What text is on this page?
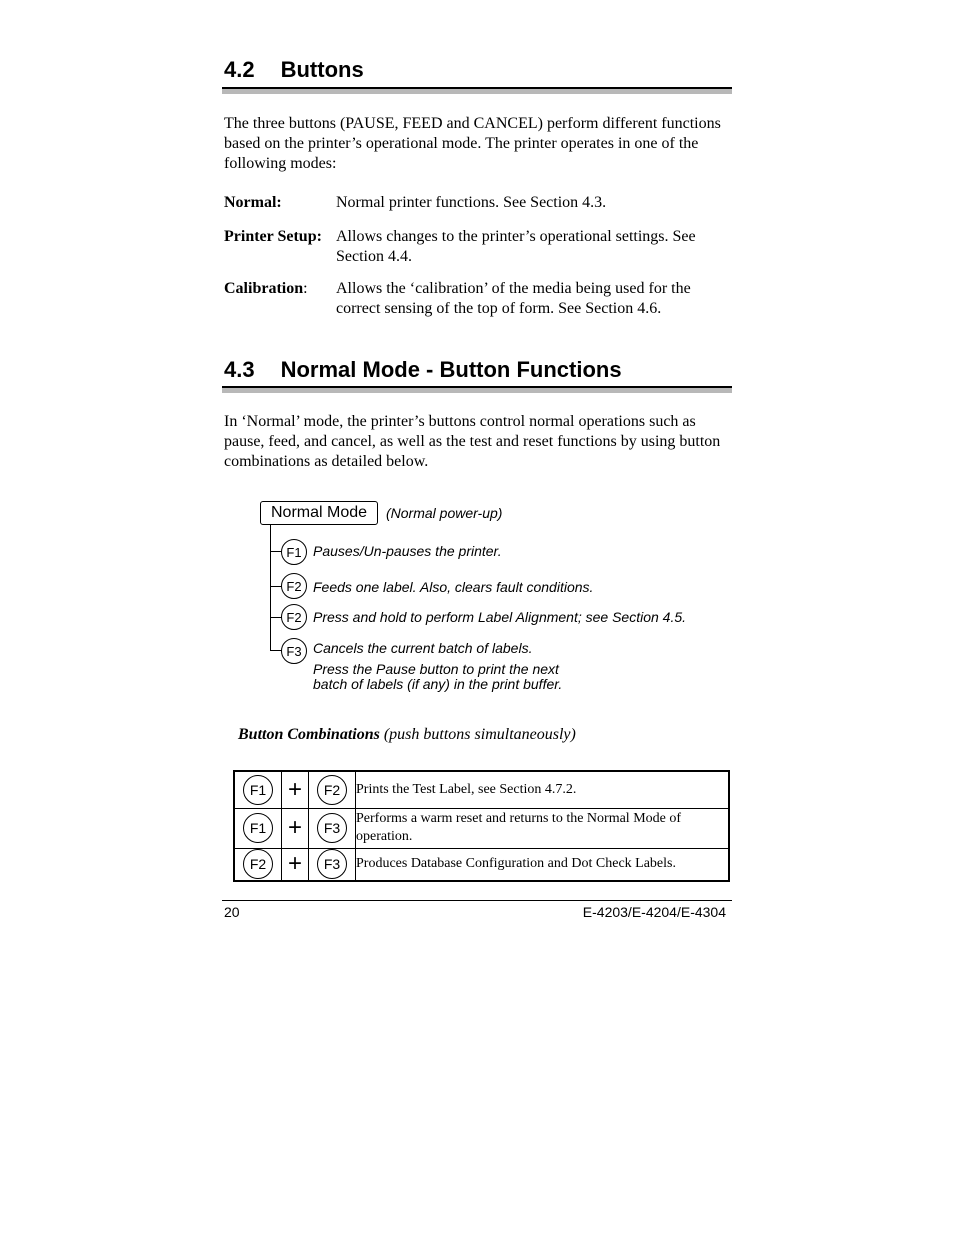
4.2 Buttons
The three buttons (PAUSE, FEED and CANCEL) perform different functions based on the printer’s operational mode. The printer operates in one of the following modes:
Normal:	Normal printer functions. See Section 4.3.
Printer Setup: Allows changes to the printer’s operational settings. See Section 4.4.
Calibration: Allows the ‘calibration’ of the media being used for the correct sensing of the top of form. See Section 4.6.
4.3 Normal Mode - Button Functions
In ‘Normal’ mode, the printer’s buttons control normal operations such as pause, feed, and cancel, as well as the test and reset functions by using button combinations as detailed below.
Normal Mode	(Normal power-up)
F1 Pauses/Un-pauses the printer.
F2 Feeds one label. Also, clears fault conditions.
F2 Press and hold to perform Label Alignment; see Section 4.5.
F3 Cancels the current batch of labels.
Press the Pause button to print the next
batch of labels (if any) in the print buffer.
Button Combinations (push buttons simultaneously)
F1	+	F2	Prints the Test Label, see Section 4.7.2.

F1	+	F3	Performs a warm reset and returns to the Normal Mode of operation.

F2	+	F3	Produces Database Configuration and Dot Check Labels.
20	E-4203/E-4204/E-4304
